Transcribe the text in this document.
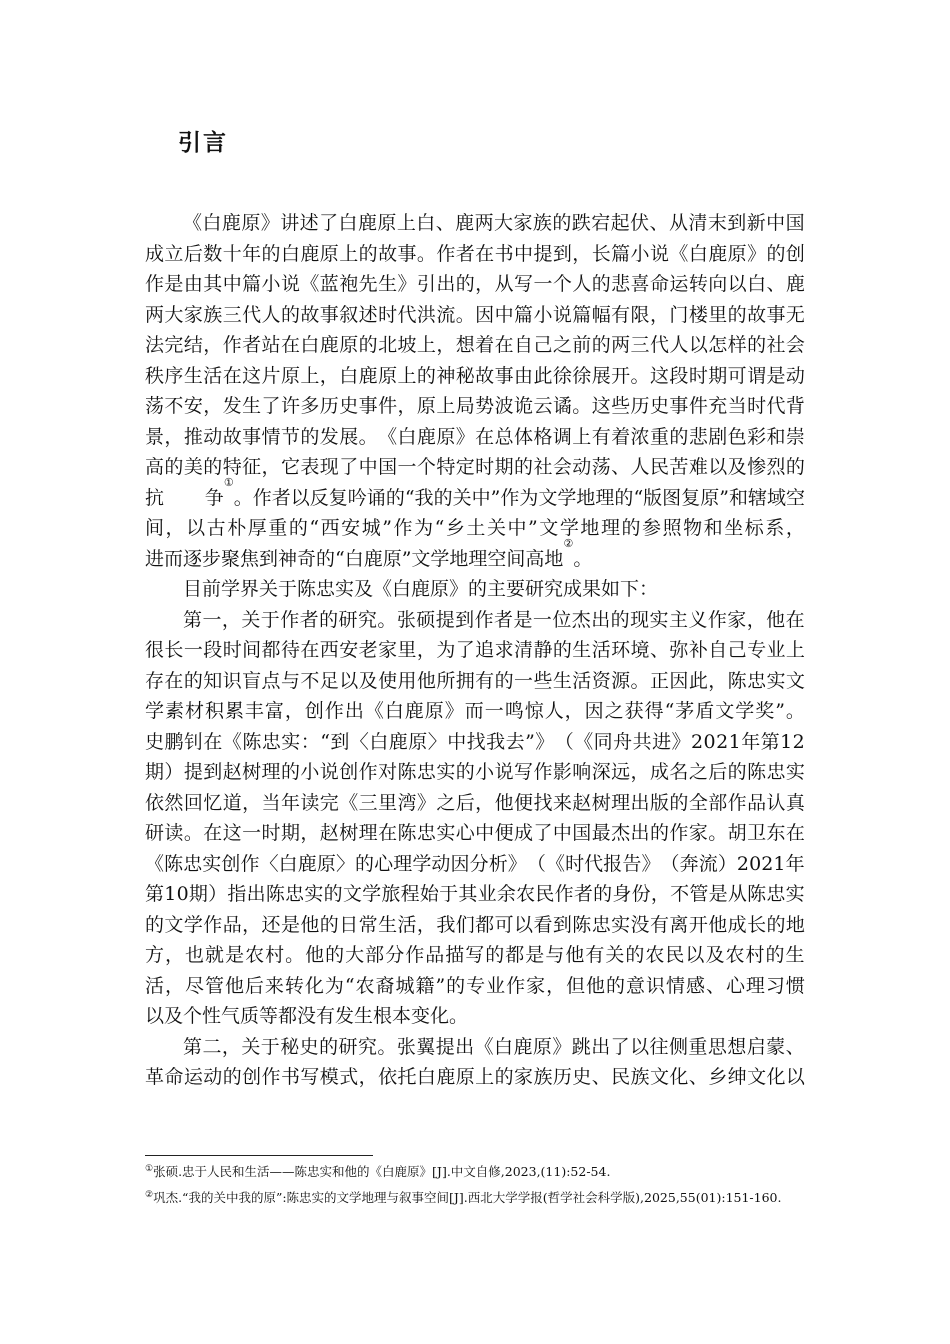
引言
《 白 鹿 原 》 讲 述 了 白 鹿 原 上 白 、 鹿 两 大 家 族 的 跌 宕 起 伏 、 从 清 末 到 新 中 国
成 立 后 数 十 年 的 白 鹿 原 上 的 故 事 。 作 者 在 书 中 提 到 ， 长 篇 小 说 《 白 鹿 原 》 的 创
作 是 由 其 中 篇 小 说 《 蓝 袍 先 生 》 引 出 的 ， 从 写 一 个 人 的 悲 喜 命 运 转 向 以 白 、 鹿
两 大 家 族 三 代 人 的 故 事 叙 述 时 代 洪 流 。 因 中 篇 小 说 篇 幅 有 限 ， 门 楼 里 的 故 事 无
法 完 结 ， 作 者 站 在 白 鹿 原 的 北 坡 上 ， 想 着 在 自 己 之 前 的 两 三 代 人 以 怎 样 的 社 会
秩 序 生 活 在 这 片 原 上 ， 白 鹿 原 上 的 神 秘 故 事 由 此 徐 徐 展 开 。 这 段 时 期 可 谓 是 动
荡 不 安 ， 发 生 了 许 多 历 史 事 件 ， 原 上 局 势 波 诡 云 谲 。 这 些 历 史 事 件 充 当 时 代 背
景 ， 推 动 故 事 情 节 的 发 展 。 《 白 鹿 原 》 在 总 体 格 调 上 有 着 浓 重 的 悲 剧 色 彩 和 崇
高 的 美 的 特 征 ， 它 表 现 了 中 国 一 个 特 定 时 期 的 社 会 动 荡 、 人 民 苦 难 以 及 惨 烈 的
抗 争
①
。 作 者 以 反 复 吟 诵 的 “ 我 的 关 中 ” 作 为 文 学 地 理 的 “ 版 图 复 原 ” 和 辖 域 空
间 ， 以 古 朴 厚 重 的 “ 西 安 城 ” 作 为 “ 乡 土 关 中 ” 文 学 地 理 的 参 照 物 和 坐 标 系 ，
进而逐步聚焦到神奇的“白鹿原”文学地理空间高地
②
。
目前学界关于陈忠实及《白鹿原》的主要研究成果如下：
第 一 ， 关 于 作 者 的 研 究 。 张 硕 提 到 作 者 是 一 位 杰 出 的 现 实 主 义 作 家 ， 他 在
很 长 一 段 时 间 都 待 在 西 安 老 家 里 ， 为 了 追 求 清 静 的 生 活 环 境 、 弥 补 自 己 专 业 上
存 在 的 知 识 盲 点 与 不 足 以 及 使 用 他 所 拥 有 的 一 些 生 活 资 源 。 正 因 此 ， 陈 忠 实 文
学 素 材 积 累 丰 富 ， 创 作 出 《 白 鹿 原 》 而 一 鸣 惊 人 ， 因 之 获 得 “ 茅 盾 文 学 奖 ” 。
史 鹏 钊 在 《 陈 忠 实 ： “ 到 〈 白 鹿 原 〉 中 找 我 去 ” 》 （ 《 同 舟 共 进 》 2 0 2 1 年 第 1 2
期 ） 提 到 赵 树 理 的 小 说 创 作 对 陈 忠 实 的 小 说 写 作 影 响 深 远 ， 成 名 之 后 的 陈 忠 实
依 然 回 忆 道 ， 当 年 读 完 《 三 里 湾 》 之 后 ， 他 便 找 来 赵 树 理 出 版 的 全 部 作 品 认 真
研 读 。 在 这 一 时 期 ， 赵 树 理 在 陈 忠 实 心 中 便 成 了 中 国 最 杰 出 的 作 家 。 胡 卫 东 在
《 陈 忠 实 创 作 〈 白 鹿 原 〉 的 心 理 学 动 因 分 析 》 （ 《 时 代 报 告 》 （ 奔 流 ） 2 0 2 1 年
第 1 0 期 ） 指 出 陈 忠 实 的 文 学 旅 程 始 于 其 业 余 农 民 作 者 的 身 份 ， 不 管 是 从 陈 忠 实
的 文 学 作 品 ， 还 是 他 的 日 常 生 活 ， 我 们 都 可 以 看 到 陈 忠 实 没 有 离 开 他 成 长 的 地
方 ， 也 就 是 农 村 。 他 的 大 部 分 作 品 描 写 的 都 是 与 他 有 关 的 农 民 以 及 农 村 的 生
活 ， 尽 管 他 后 来 转 化 为 “ 农 裔 城 籍 ” 的 专 业 作 家 ， 但 他 的 意 识 情 感 、 心 理 习 惯
以及个性气质等都没有发生根本变化。
第 二 ， 关 于 秘 史 的 研 究 。 张 翼 提 出 《 白 鹿 原 》 跳 出 了 以 往 侧 重 思 想 启 蒙 、
革 命 运 动 的 创 作 书 写 模 式 ， 依 托 白 鹿 原 上 的 家 族 历 史 、 民 族 文 化 、 乡 绅 文 化 以

①张硕.忠于人民和生活——陈忠实和他的《白鹿原》[J].中文自修,2023,(11):52-54.

②巩杰.“我的关中我的原”:陈忠实的文学地理与叙事空间[J].西北大学学报(哲学社会科学版),2025,55(01):151-160.
